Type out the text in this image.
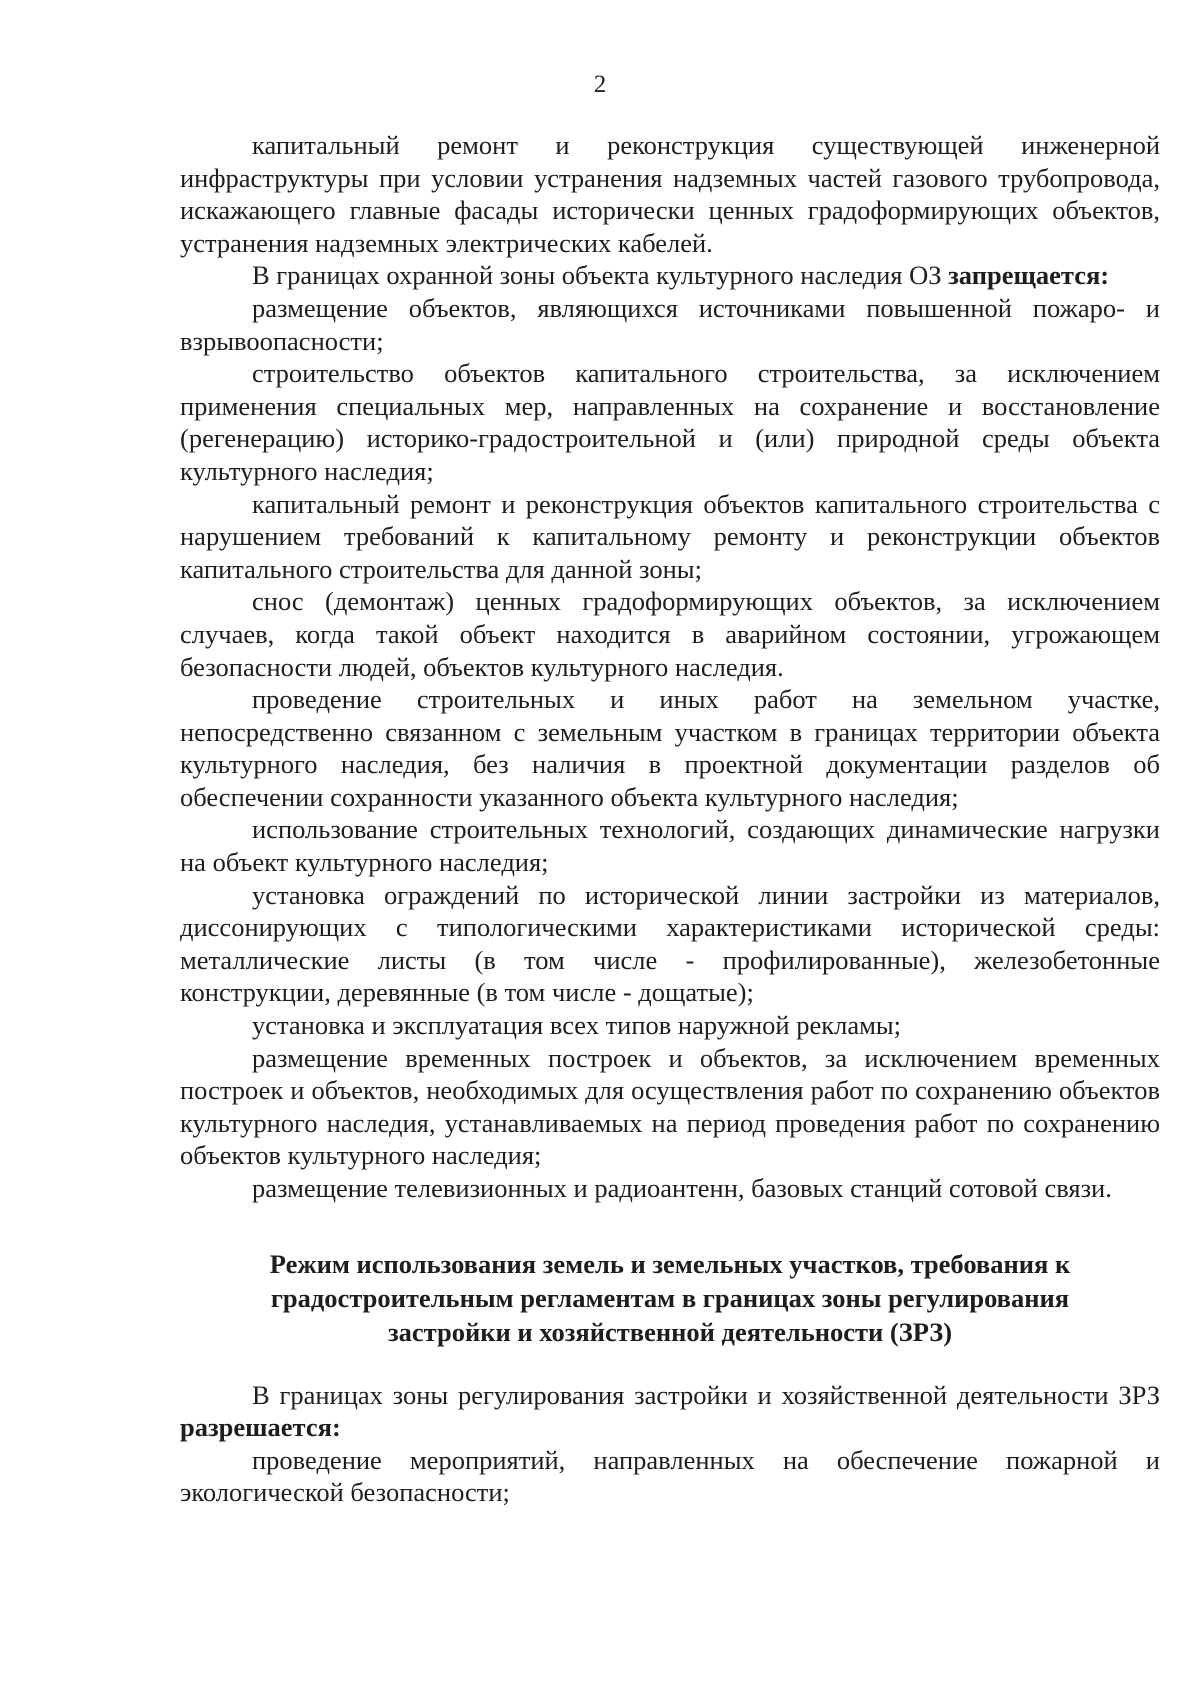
2

капитальный ремонт и реконструкция существующей инженерной инфраструктуры при условии устранения надземных частей газового трубопровода, искажающего главные фасады исторически ценных градоформирующих объектов, устранения надземных электрических кабелей.

В границах охранной зоны объекта культурного наследия ОЗ запрещается:

размещение объектов, являющихся источниками повышенной пожаро- и взрывоопасности;

строительство объектов капитального строительства, за исключением применения специальных мер, направленных на сохранение и восстановление (регенерацию) историко-градостроительной и (или) природной среды объекта культурного наследия;

капитальный ремонт и реконструкция объектов капитального строительства с нарушением требований к капитальному ремонту и реконструкции объектов капитального строительства для данной зоны;

снос (демонтаж) ценных градоформирующих объектов, за исключением случаев, когда такой объект находится в аварийном состоянии, угрожающем безопасности людей, объектов культурного наследия.

проведение строительных и иных работ на земельном участке, непосредственно связанном с земельным участком в границах территории объекта культурного наследия, без наличия в проектной документации разделов об обеспечении сохранности указанного объекта культурного наследия;

использование строительных технологий, создающих динамические нагрузки на объект культурного наследия;

установка ограждений по исторической линии застройки из материалов, диссонирующих с типологическими характеристиками исторической среды: металлические листы (в том числе - профилированные), железобетонные конструкции, деревянные (в том числе - дощатые);

установка и эксплуатация всех типов наружной рекламы;

размещение временных построек и объектов, за исключением временных построек и объектов, необходимых для осуществления работ по сохранению объектов культурного наследия, устанавливаемых на период проведения работ по сохранению объектов культурного наследия;

размещение телевизионных и радиоантенн, базовых станций сотовой связи.

Режим использования земель и земельных участков, требования к градостроительным регламентам в границах зоны регулирования застройки и хозяйственной деятельности (ЗРЗ)

В границах зоны регулирования застройки и хозяйственной деятельности ЗРЗ разрешается:

проведение мероприятий, направленных на обеспечение пожарной и экологической безопасности;
